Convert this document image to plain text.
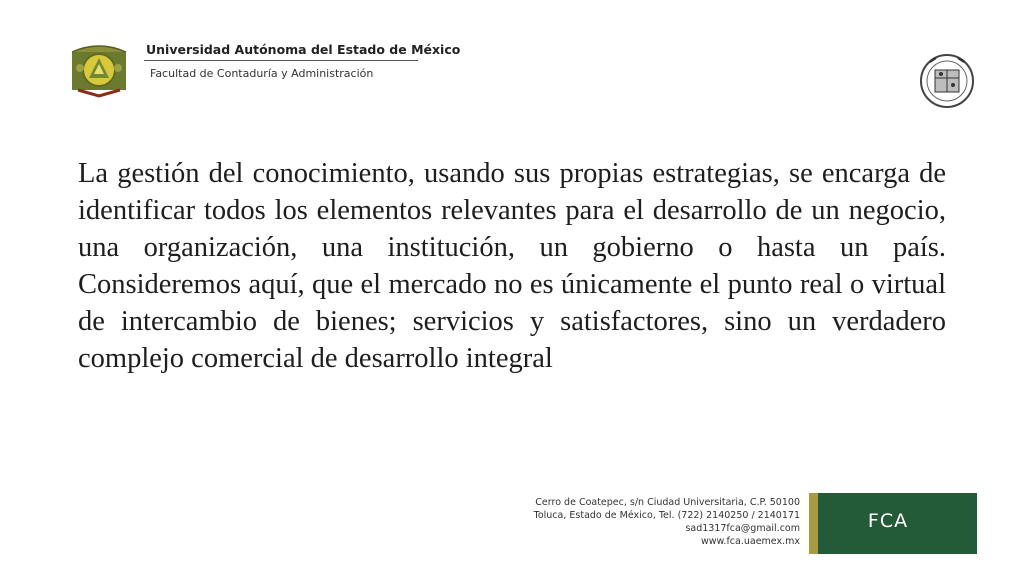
Universidad Autónoma del Estado de México
Facultad de Contaduría y Administración

La gestión del conocimiento, usando sus propias estrategias, se encarga de identificar todos los elementos relevantes para el desarrollo de un negocio, una organización, una institución, un gobierno o hasta un país. Consideremos aquí, que el mercado no es únicamente el punto real o virtual de intercambio de bienes; servicios y satisfactores, sino un verdadero complejo comercial de desarrollo integral

Cerro de Coatepec, s/n Ciudad Universitaria, C.P. 50100
Toluca, Estado de México, Tel. (722) 2140250 / 2140171
sad1317fca@gmail.com
www.fca.uaemex.mx
FCA
